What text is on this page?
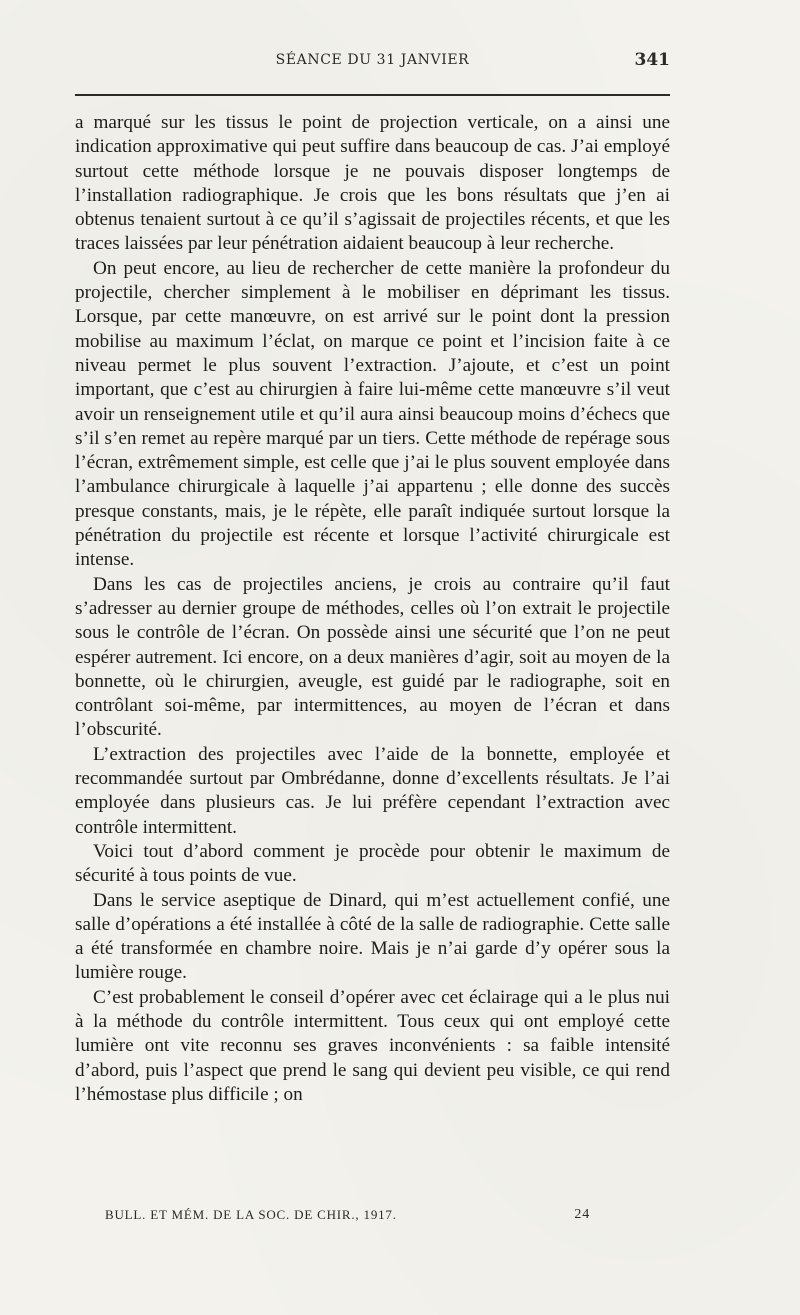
SÉANCE DU 31 JANVIER	341

a marqué sur les tissus le point de projection verticale, on a ainsi une indication approximative qui peut suffire dans beaucoup de cas. J’ai employé surtout cette méthode lorsque je ne pouvais disposer longtemps de l’installation radiographique. Je crois que les bons résultats que j’en ai obtenus tenaient surtout à ce qu’il s’agissait de projectiles récents, et que les traces laissées par leur pénétration aidaient beaucoup à leur recherche.

On peut encore, au lieu de rechercher de cette manière la profondeur du projectile, chercher simplement à le mobiliser en déprimant les tissus. Lorsque, par cette manœuvre, on est arrivé sur le point dont la pression mobilise au maximum l’éclat, on marque ce point et l’incision faite à ce niveau permet le plus souvent l’extraction. J’ajoute, et c’est un point important, que c’est au chirurgien à faire lui-même cette manœuvre s’il veut avoir un renseignement utile et qu’il aura ainsi beaucoup moins d’échecs que s’il s’en remet au repère marqué par un tiers. Cette méthode de repérage sous l’écran, extrêmement simple, est celle que j’ai le plus souvent employée dans l’ambulance chirurgicale à laquelle j’ai appartenu ; elle donne des succès presque constants, mais, je le répète, elle paraît indiquée surtout lorsque la pénétration du projectile est récente et lorsque l’activité chirurgicale est intense.

Dans les cas de projectiles anciens, je crois au contraire qu’il faut s’adresser au dernier groupe de méthodes, celles où l’on extrait le projectile sous le contrôle de l’écran. On possède ainsi une sécurité que l’on ne peut espérer autrement. Ici encore, on a deux manières d’agir, soit au moyen de la bonnette, où le chirurgien, aveugle, est guidé par le radiographe, soit en contrôlant soi-même, par intermittences, au moyen de l’écran et dans l’obscurité.

L’extraction des projectiles avec l’aide de la bonnette, employée et recommandée surtout par Ombrédanne, donne d’excellents résultats. Je l’ai employée dans plusieurs cas. Je lui préfère cependant l’extraction avec contrôle intermittent.

Voici tout d’abord comment je procède pour obtenir le maximum de sécurité à tous points de vue.

Dans le service aseptique de Dinard, qui m’est actuellement confié, une salle d’opérations a été installée à côté de la salle de radiographie. Cette salle a été transformée en chambre noire. Mais je n’ai garde d’y opérer sous la lumière rouge.

C’est probablement le conseil d’opérer avec cet éclairage qui a le plus nui à la méthode du contrôle intermittent. Tous ceux qui ont employé cette lumière ont vite reconnu ses graves inconvénients : sa faible intensité d’abord, puis l’aspect que prend le sang qui devient peu visible, ce qui rend l’hémostase plus difficile ; on

BULL. ET MÉM. DE LA SOC. DE CHIR., 1917.	24
